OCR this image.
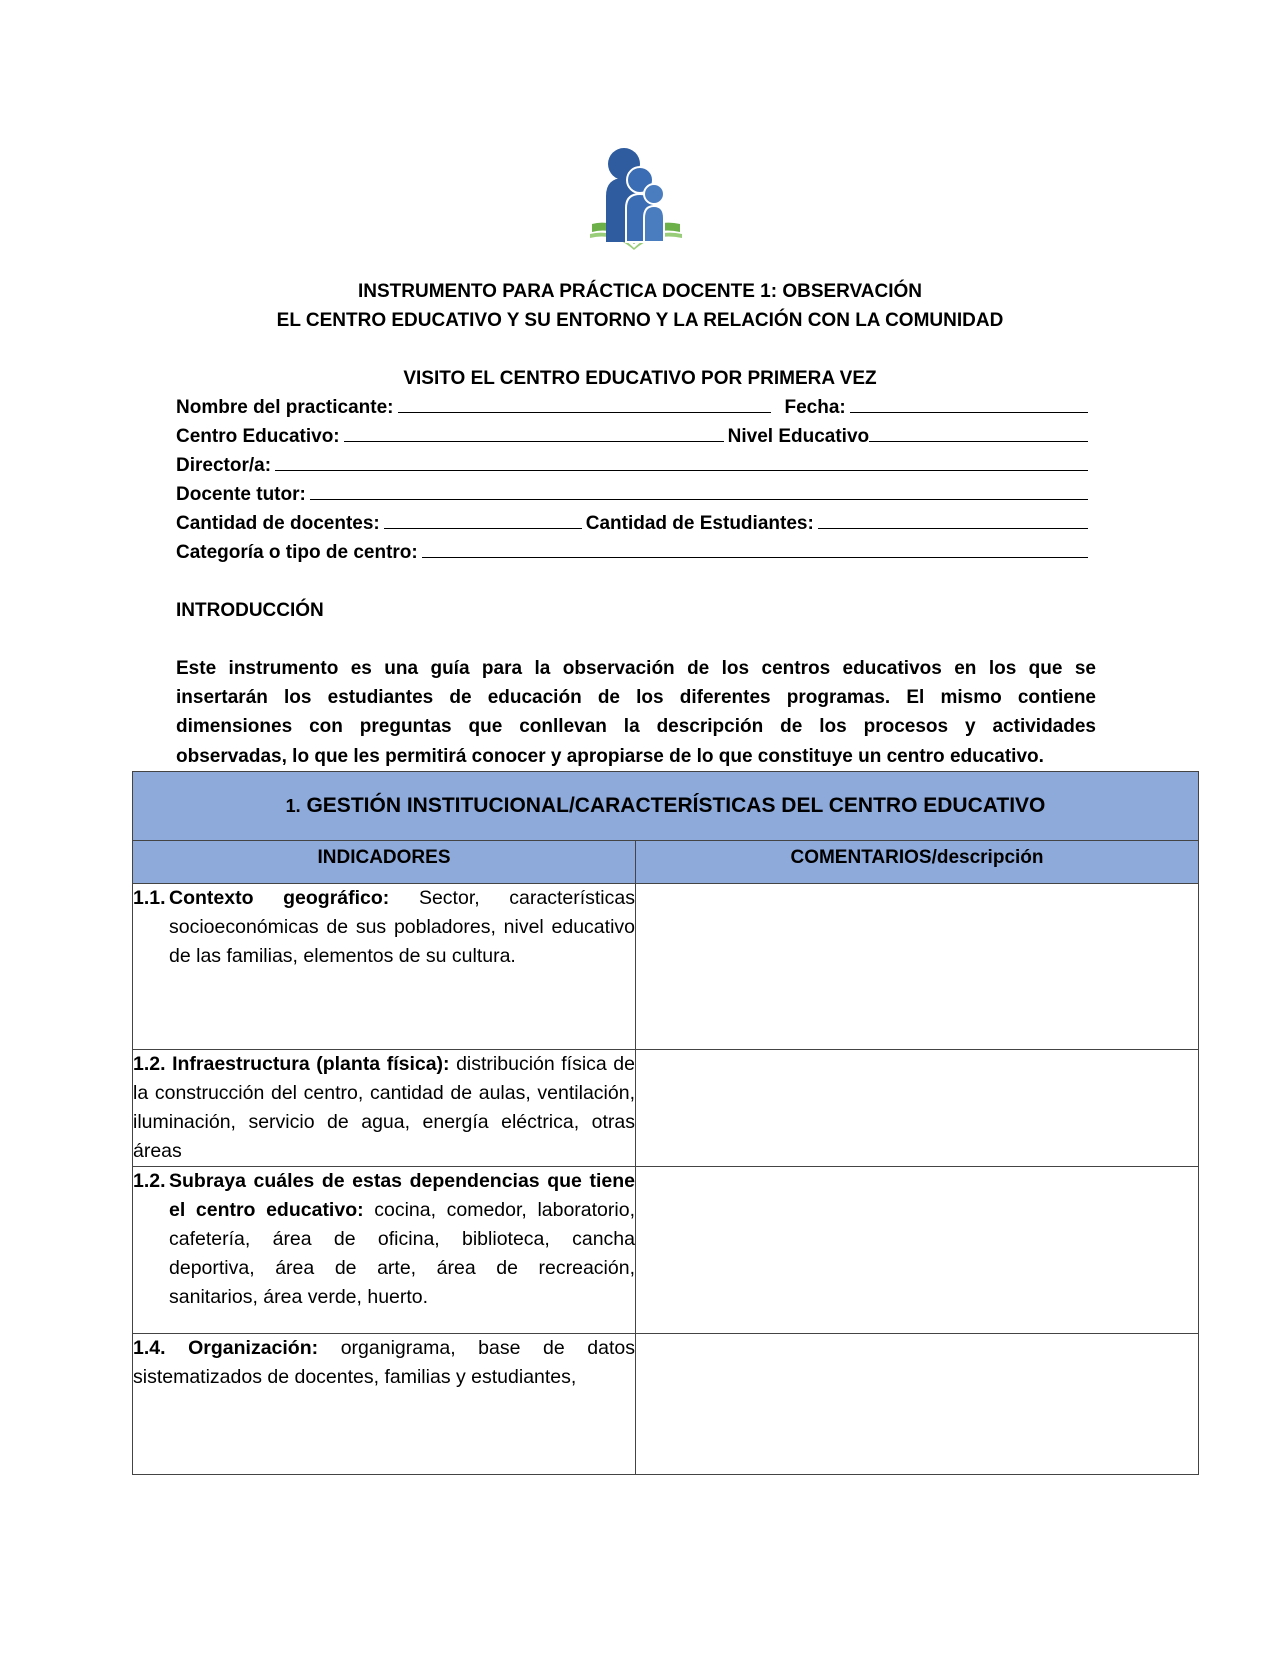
INSTRUMENTO PARA PRÁCTICA DOCENTE 1: OBSERVACIÓN
EL CENTRO EDUCATIVO Y SU ENTORNO Y LA RELACIÓN CON LA COMUNIDAD
VISITO EL CENTRO EDUCATIVO POR PRIMERA VEZ
Nombre del practicante:	Fecha:
Centro Educativo:	Nivel Educativo
Director/a:
Docente tutor:
Cantidad de docentes:	Cantidad de Estudiantes:
Categoría o tipo de centro:
INTRODUCCIÓN
Este instrumento es una guía para la observación de los centros educativos en los que se
insertarán los estudiantes de educación de los diferentes programas. El mismo contiene
dimensiones con preguntas que conllevan la descripción de los procesos y actividades
observadas, lo que les permitirá conocer y apropiarse de lo que constituye un centro educativo.
1. GESTIÓN INSTITUCIONAL/CARACTERÍSTICAS DEL CENTRO EDUCATIVO	
INDICADORES	COMENTARIOS/descripción

1.1. Contexto geográfico: Sector, características socioeconómicas de sus pobladores, nivel educativo de las familias, elementos de su cultura.	

1.2. Infraestructura (planta física): distribución física de la construcción del centro, cantidad de aulas, ventilación, iluminación, servicio de agua, energía eléctrica, otras áreas	

1.2. Subraya cuáles de estas dependencias que tiene el centro educativo: cocina, comedor, laboratorio, cafetería, área de oficina, biblioteca, cancha deportiva, área de arte, área de recreación, sanitarios, área verde, huerto.	

1.4. Organización: organigrama, base de datos sistematizados de docentes, familias y estudiantes,	
